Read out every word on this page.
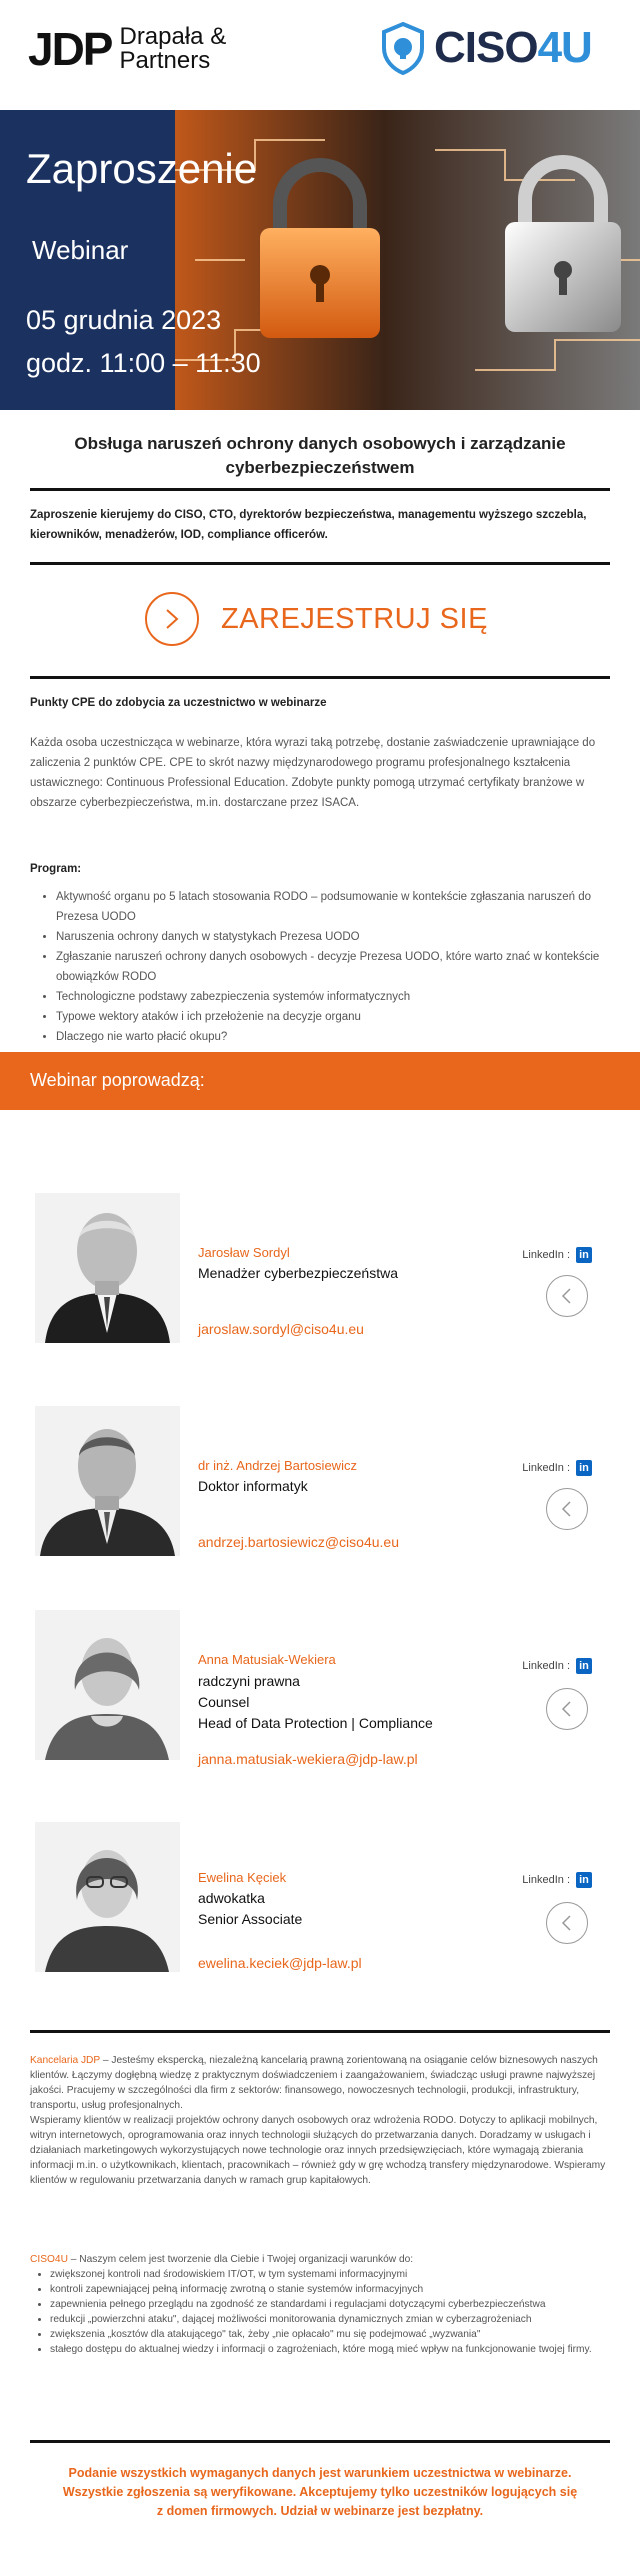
JDP Drapała &
Partners	CISO4U
Zaproszenie
Webinar
05 grudnia 2023
godz. 11:00 – 11:30
Obsługa naruszeń ochrony danych osobowych i zarządzanie cyberbezpieczeństwem
Zaproszenie kierujemy do CISO, CTO, dyrektorów bezpieczeństwa, managementu wyższego szczebla, kierowników, menadżerów, IOD, compliance officerów.
ZAREJESTRUJ SIĘ
Punkty CPE do zdobycia za uczestnictwo w webinarze
Każda osoba uczestnicząca w webinarze, która wyrazi taką potrzebę, dostanie zaświadczenie uprawniające do zaliczenia 2 punktów CPE. CPE to skrót nazwy międzynarodowego programu profesjonalnego kształcenia ustawicznego: Continuous Professional Education. Zdobyte punkty pomogą utrzymać certyfikaty branżowe w obszarze cyberbezpieczeństwa, m.in. dostarczane przez ISACA.
Program:
• Aktywność organu po 5 latach stosowania RODO – podsumowanie w kontekście zgłaszania naruszeń do Prezesa UODO
• Naruszenia ochrony danych w statystykach Prezesa UODO
• Zgłaszanie naruszeń ochrony danych osobowych - decyzje Prezesa UODO, które warto znać w kontekście obowiązków RODO
• Technologiczne podstawy zabezpieczenia systemów informatycznych
• Typowe wektory ataków i ich przełożenie na decyzje organu
• Dlaczego nie warto płacić okupu?
Webinar poprowadzą:
Jarosław Sordyl
Menadżer cyberbezpieczeństwa
jaroslaw.sordyl@ciso4u.eu
LinkedIn : in
dr inż. Andrzej Bartosiewicz
Doktor informatyk
andrzej.bartosiewicz@ciso4u.eu
LinkedIn : in
Anna Matusiak-Wekiera
radczyni prawna
Counsel
Head of Data Protection | Compliance
janna.matusiak-wekiera@jdp-law.pl
LinkedIn : in
Ewelina Kęciek
adwokatka
Senior Associate
ewelina.keciek@jdp-law.pl
LinkedIn : in

Kancelaria JDP – Jesteśmy ekspercką, niezależną kancelarią prawną zorientowaną na osiąganie celów biznesowych naszych klientów. Łączymy dogłębną wiedzę z praktycznym doświadczeniem i zaangażowaniem, świadcząc usługi prawne najwyższej jakości. Pracujemy w szczególności dla firm z sektorów: finansowego, nowoczesnych technologii, produkcji, infrastruktury, transportu, usług profesjonalnych.

Wspieramy klientów w realizacji projektów ochrony danych osobowych oraz wdrożenia RODO. Dotyczy to aplikacji mobilnych, witryn internetowych, oprogramowania oraz innych technologii służących do przetwarzania danych. Doradzamy w usługach i działaniach marketingowych wykorzystujących nowe technologie oraz innych przedsięwzięciach, które wymagają zbierania informacji m.in. o użytkownikach, klientach, pracownikach – również gdy w grę wchodzą transfery międzynarodowe. Wspieramy klientów w regulowaniu przetwarzania danych w ramach grup kapitałowych.

CISO4U – Naszym celem jest tworzenie dla Ciebie i Twojej organizacji warunków do:

• zwiększonej kontroli nad środowiskiem IT/OT, w tym systemami informacyjnymi
• kontroli zapewniającej pełną informację zwrotną o stanie systemów informacyjnych
• zapewnienia pełnego przeglądu na zgodność ze standardami i regulacjami dotyczącymi cyberbezpieczeństwa
• redukcji „powierzchni ataku", dającej możliwości monitorowania dynamicznych zmian w cyberzagrożeniach
• zwiększenia „kosztów dla atakującego" tak, żeby „nie opłacało" mu się podejmować „wyzwania"
• stałego dostępu do aktualnej wiedzy i informacji o zagrożeniach, które mogą mieć wpływ na funkcjonowanie twojej firmy.
Podanie wszystkich wymaganych danych jest warunkiem uczestnictwa w webinarze. Wszystkie zgłoszenia są weryfikowane. Akceptujemy tylko uczestników logujących się z domen firmowych. Udział w webinarze jest bezpłatny.
